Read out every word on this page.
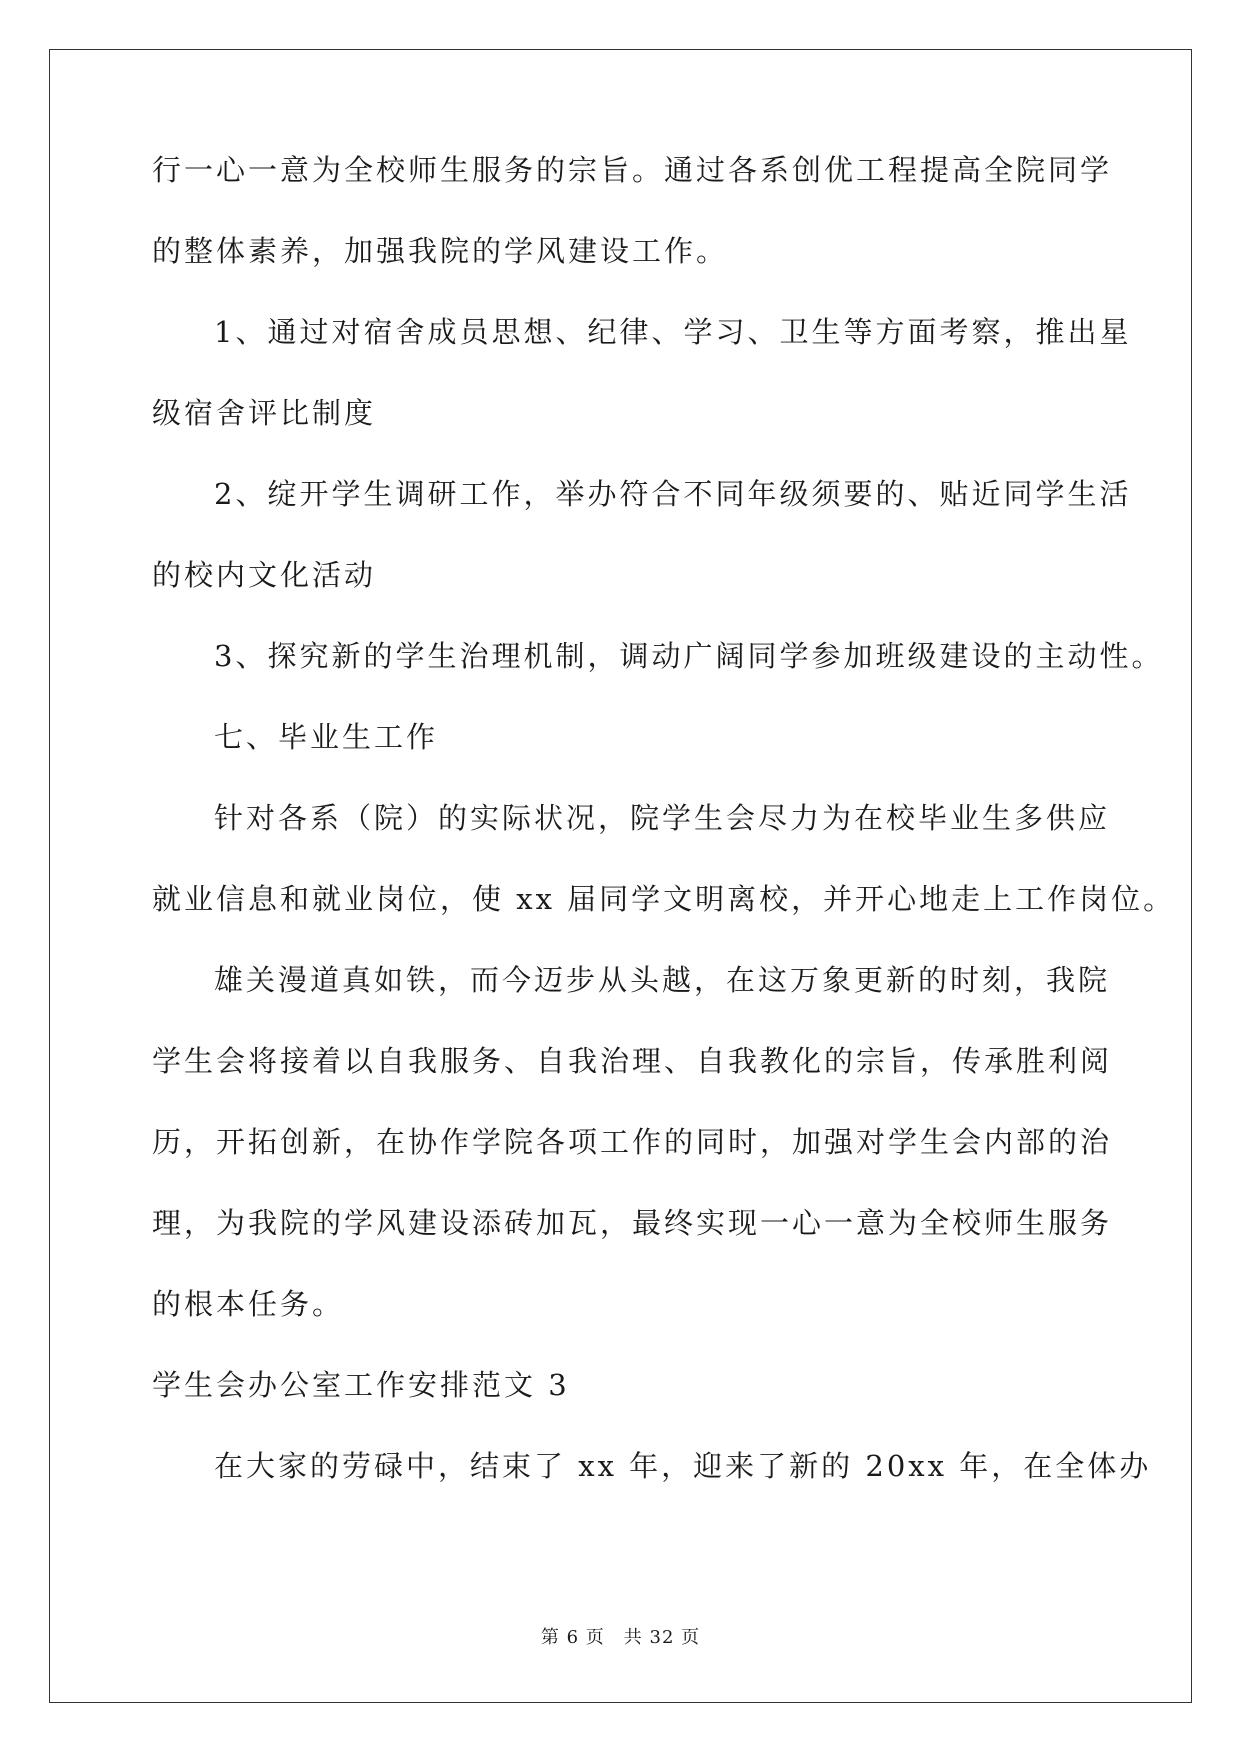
行一心一意为全校师生服务的宗旨。通过各系创优工程提高全院同学
的整体素养，加强我院的学风建设工作。
1、通过对宿舍成员思想、纪律、学习、卫生等方面考察，推出星
级宿舍评比制度
2、绽开学生调研工作，举办符合不同年级须要的、贴近同学生活
的校内文化活动
3、探究新的学生治理机制，调动广阔同学参加班级建设的主动性。
七、毕业生工作
针对各系（院）的实际状况，院学生会尽力为在校毕业生多供应
就业信息和就业岗位，使 xx 届同学文明离校，并开心地走上工作岗位。
雄关漫道真如铁，而今迈步从头越，在这万象更新的时刻，我院
学生会将接着以自我服务、自我治理、自我教化的宗旨，传承胜利阅
历，开拓创新，在协作学院各项工作的同时，加强对学生会内部的治
理，为我院的学风建设添砖加瓦，最终实现一心一意为全校师生服务
的根本任务。
学生会办公室工作安排范文 3
在大家的劳碌中，结束了 xx 年，迎来了新的 20xx 年，在全体办
第 6 页　共 32 页
